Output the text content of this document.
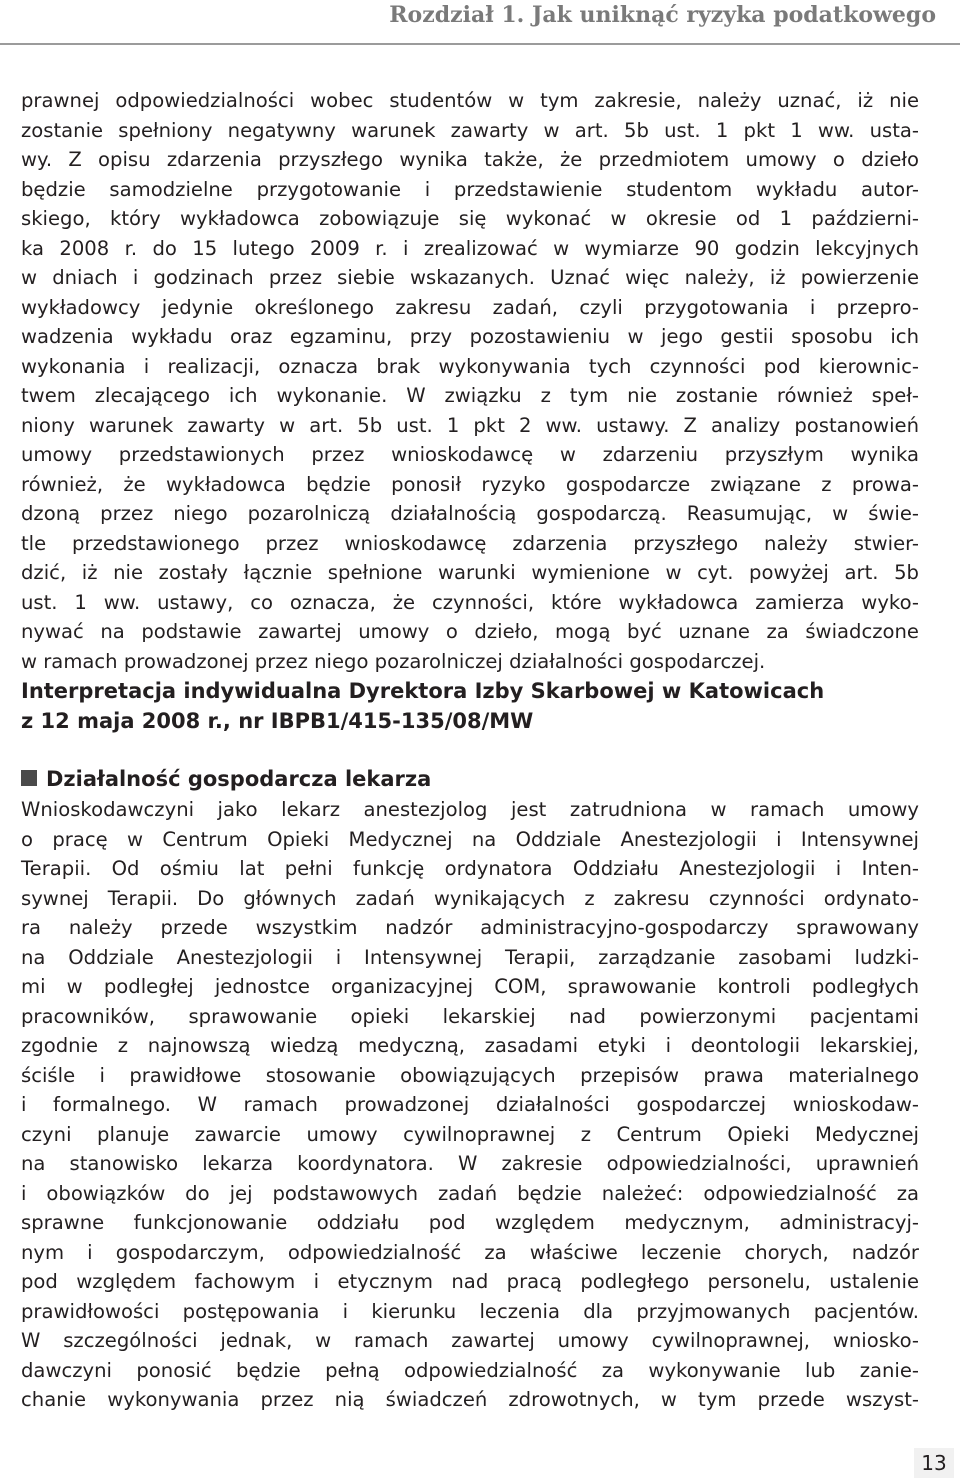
Rozdział 1. Jak uniknąć ryzyka podatkowego
prawnej odpowiedzialności wobec studentów w tym zakresie, należy uznać, iż nie
zostanie spełniony negatywny warunek zawarty w art. 5b ust. 1 pkt 1 ww. usta-
wy. Z opisu zdarzenia przyszłego wynika także, że przedmiotem umowy o dzieło
będzie samodzielne przygotowanie i przedstawienie studentom wykładu autor-
skiego, który wykładowca zobowiązuje się wykonać w okresie od 1 październi-
ka 2008 r. do 15 lutego 2009 r. i zrealizować w wymiarze 90 godzin lekcyjnych
w dniach i godzinach przez siebie wskazanych. Uznać więc należy, iż powierzenie
wykładowcy jedynie określonego zakresu zadań, czyli przygotowania i przepro-
wadzenia wykładu oraz egzaminu, przy pozostawieniu w jego gestii sposobu ich
wykonania i realizacji, oznacza brak wykonywania tych czynności pod kierownic-
twem zlecającego ich wykonanie. W związku z tym nie zostanie również speł-
niony warunek zawarty w art. 5b ust. 1 pkt 2 ww. ustawy. Z analizy postanowień
umowy przedstawionych przez wnioskodawcę w zdarzeniu przyszłym wynika
również, że wykładowca będzie ponosił ryzyko gospodarcze związane z prowa-
dzoną przez niego pozarolniczą działalnością gospodarczą. Reasumując, w świe-
tle przedstawionego przez wnioskodawcę zdarzenia przyszłego należy stwier-
dzić, iż nie zostały łącznie spełnione warunki wymienione w cyt. powyżej art. 5b
ust. 1 ww. ustawy, co oznacza, że czynności, które wykładowca zamierza wyko-
nywać na podstawie zawartej umowy o dzieło, mogą być uznane za świadczone
w ramach prowadzonej przez niego pozarolniczej działalności gospodarczej.
Interpretacja indywidualna Dyrektora Izby Skarbowej w Katowicach
z 12 maja 2008 r., nr IBPB1/415-135/08/MW
Działalność gospodarcza lekarza
Wnioskodawczyni jako lekarz anestezjolog jest zatrudniona w ramach umowy
o pracę w Centrum Opieki Medycznej na Oddziale Anestezjologii i Intensywnej
Terapii. Od ośmiu lat pełni funkcję ordynatora Oddziału Anestezjologii i Inten-
sywnej Terapii. Do głównych zadań wynikających z zakresu czynności ordynato-
ra należy przede wszystkim nadzór administracyjno-gospodarczy sprawowany
na Oddziale Anestezjologii i Intensywnej Terapii, zarządzanie zasobami ludzki-
mi w podległej jednostce organizacyjnej COM, sprawowanie kontroli podległych
pracowników, sprawowanie opieki lekarskiej nad powierzonymi pacjentami
zgodnie z najnowszą wiedzą medyczną, zasadami etyki i deontologii lekarskiej,
ściśle i prawidłowe stosowanie obowiązujących przepisów prawa materialnego
i formalnego. W ramach prowadzonej działalności gospodarczej wnioskodaw-
czyni planuje zawarcie umowy cywilnoprawnej z Centrum Opieki Medycznej
na stanowisko lekarza koordynatora. W zakresie odpowiedzialności, uprawnień
i obowiązków do jej podstawowych zadań będzie należeć: odpowiedzialność za
sprawne funkcjonowanie oddziału pod względem medycznym, administracyj-
nym i gospodarczym, odpowiedzialność za właściwe leczenie chorych, nadzór
pod względem fachowym i etycznym nad pracą podległego personelu, ustalenie
prawidłowości postępowania i kierunku leczenia dla przyjmowanych pacjentów.
W szczególności jednak, w ramach zawartej umowy cywilnoprawnej, wniosko-
dawczyni ponosić będzie pełną odpowiedzialność za wykonywanie lub zanie-
chanie wykonywania przez nią świadczeń zdrowotnych, w tym przede wszyst-
13
